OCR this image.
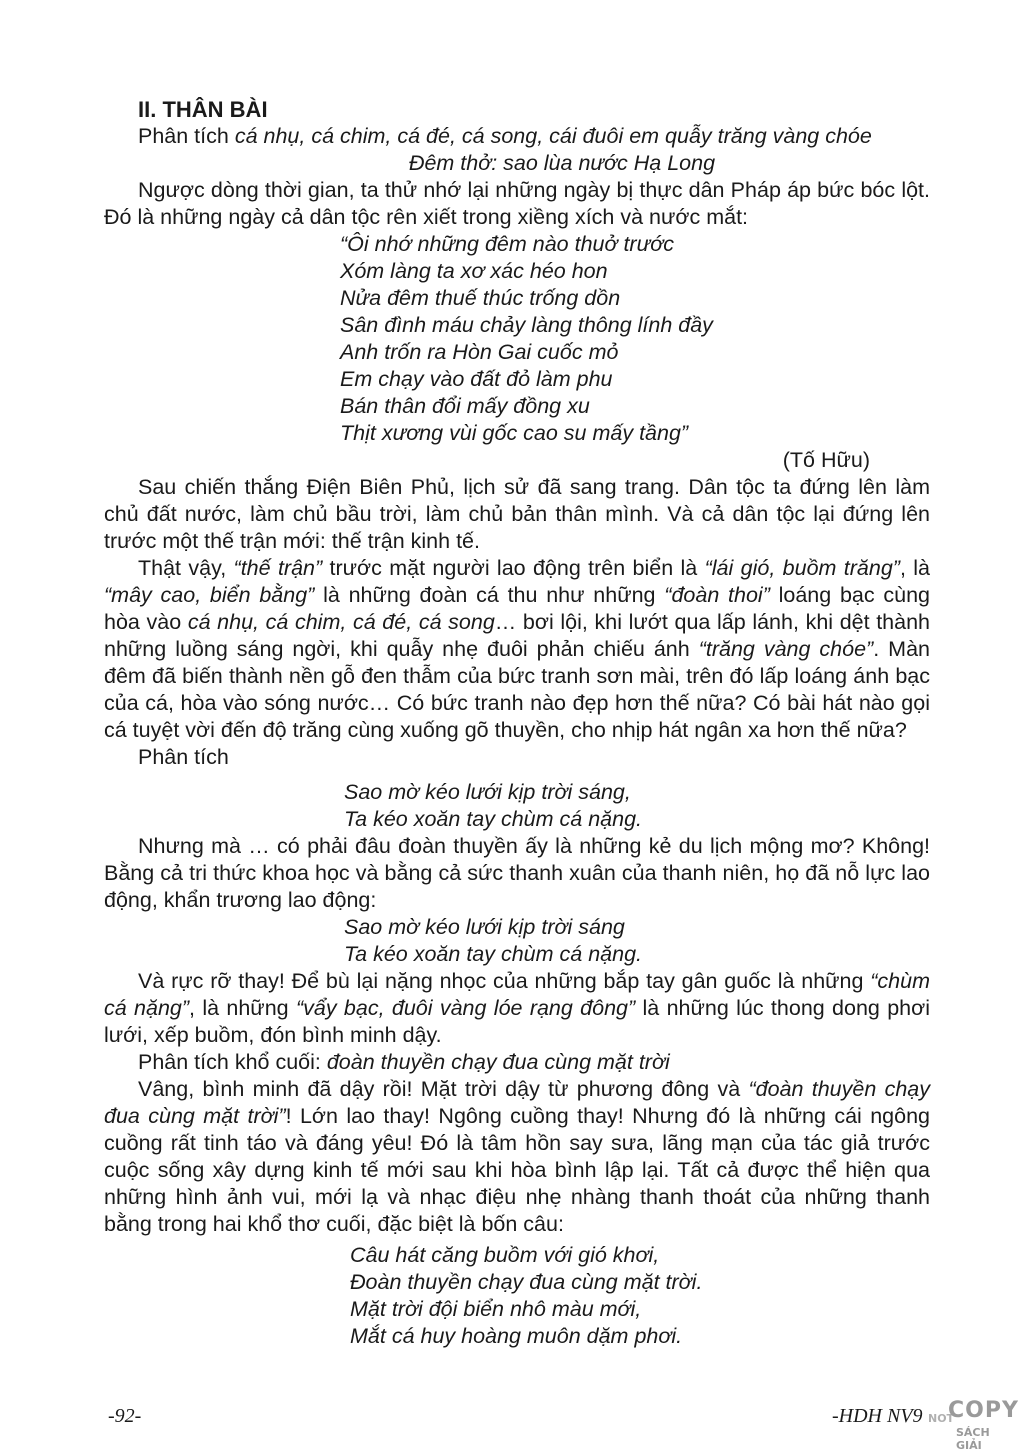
II. THÂN BÀI

Phân tích cá nhụ, cá chim, cá đé, cá song, cái đuôi em quẫy trăng vàng chóe

Đêm thở: sao lùa nước Hạ Long

Ngược dòng thời gian, ta thử nhớ lại những ngày bị thực dân Pháp áp bức bóc lột. Đó là những ngày cả dân tộc rên xiết trong xiềng xích và nước mắt:

“Ôi nhớ những đêm nào thuở trước
Xóm làng ta xơ xác héo hon
Nửa đêm thuế thúc trống dồn
Sân đình máu chảy làng thông lính đầy
Anh trốn ra Hòn Gai cuốc mỏ
Em chạy vào đất đỏ làm phu
Bán thân đổi mấy đồng xu
Thịt xương vùi gốc cao su mấy tầng”
(Tố Hữu)

Sau chiến thắng Điện Biên Phủ, lịch sử đã sang trang. Dân tộc ta đứng lên làm chủ đất nước, làm chủ bầu trời, làm chủ bản thân mình. Và cả dân tộc lại đứng lên trước một thế trận mới: thế trận kinh tế.

Thật vậy, “thế trận” trước mặt người lao động trên biển là “lái gió, buồm trăng”, là “mây cao, biển bằng” là những đoàn cá thu như những “đoàn thoi” loáng bạc cùng hòa vào cá nhụ, cá chim, cá đé, cá song… bơi lội, khi lướt qua lấp lánh, khi dệt thành những luồng sáng ngời, khi quẫy nhẹ đuôi phản chiếu ánh “trăng vàng chóe”. Màn đêm đã biến thành nền gỗ đen thẫm của bức tranh sơn mài, trên đó lấp loáng ánh bạc của cá, hòa vào sóng nước… Có bức tranh nào đẹp hơn thế nữa? Có bài hát nào gọi cá tuyệt vời đến độ trăng cùng xuống gõ thuyền, cho nhịp hát ngân xa hơn thế nữa?

Phân tích

Sao mờ kéo lưới kịp trời sáng,
Ta kéo xoăn tay chùm cá nặng.

Nhưng mà … có phải đâu đoàn thuyền ấy là những kẻ du lịch mộng mơ? Không! Bằng cả tri thức khoa học và bằng cả sức thanh xuân của thanh niên, họ đã nỗ lực lao động, khẩn trương lao động:

Sao mờ kéo lưới kịp trời sáng
Ta kéo xoăn tay chùm cá nặng.

Và rực rỡ thay! Để bù lại nặng nhọc của những bắp tay gân guốc là những “chùm cá nặng”, là những “vẩy bạc, đuôi vàng lóe rạng đông” là những lúc thong dong phơi lưới, xếp buồm, đón bình minh dậy.

Phân tích khổ cuối: đoàn thuyền chạy đua cùng mặt trời

Vâng, bình minh đã dậy rồi! Mặt trời dậy từ phương đông và “đoàn thuyền chạy đua cùng mặt trời”! Lớn lao thay! Ngông cuồng thay! Nhưng đó là những cái ngông cuồng rất tinh táo và đáng yêu! Đó là tâm hồn say sưa, lãng mạn của tác giả trước cuộc sống xây dựng kinh tế mới sau khi hòa bình lập lại. Tất cả được thể hiện qua những hình ảnh vui, mới lạ và nhạc điệu nhẹ nhàng thanh thoát của những thanh bằng trong hai khổ thơ cuối, đặc biệt là bốn câu:

Câu hát căng buồm với gió khơi,
Đoàn thuyền chạy đua cùng mặt trời.
Mặt trời đội biển nhô màu mới,
Mắt cá huy hoàng muôn dặm phơi.
-92-	-HDH NV9 NOT
COPY
SÁCH GIẢI
